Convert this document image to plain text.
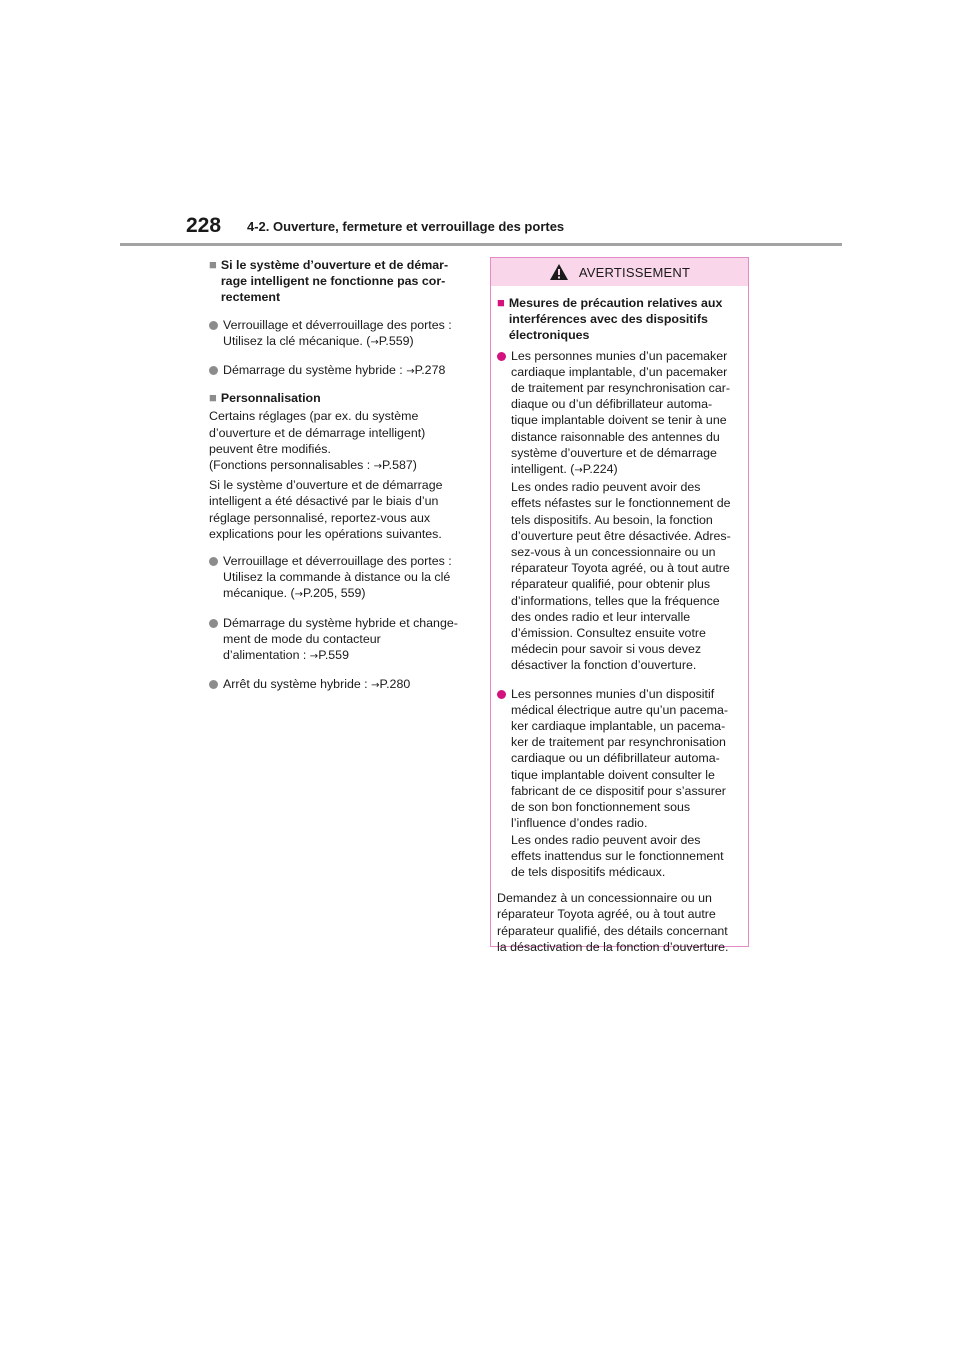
228 4-2. Ouverture, fermeture et verrouillage des portes
■ Si le système d’ouverture et de démar-
rage intelligent ne fonctionne pas cor-
rectement
Verrouillage et déverrouillage des portes :
Utilisez la clé mécanique. (→P.559)
Démarrage du système hybride : →P.278
■ Personnalisation
Certains réglages (par ex. du système
d’ouverture et de démarrage intelligent)
peuvent être modifiés.
(Fonctions personnalisables : →P.587)
Si le système d’ouverture et de démarrage
intelligent a été désactivé par le biais d’un
réglage personnalisé, reportez-vous aux
explications pour les opérations suivantes.
Verrouillage et déverrouillage des portes :
Utilisez la commande à distance ou la clé
mécanique. (→P.205, 559)
Démarrage du système hybride et change-
ment de mode du contacteur
d’alimentation : →P.559
Arrêt du système hybride : →P.280
AVERTISSEMENT
■ Mesures de précaution relatives aux
interférences avec des dispositifs
électroniques
Les personnes munies d’un pacemaker
cardiaque implantable, d’un pacemaker
de traitement par resynchronisation car-
diaque ou d’un défibrillateur automa-
tique implantable doivent se tenir à une
distance raisonnable des antennes du
système d’ouverture et de démarrage
intelligent. (→P.224)
Les ondes radio peuvent avoir des
effets néfastes sur le fonctionnement de
tels dispositifs. Au besoin, la fonction
d’ouverture peut être désactivée. Adres-
sez-vous à un concessionnaire ou un
réparateur Toyota agréé, ou à tout autre
réparateur qualifié, pour obtenir plus
d’informations, telles que la fréquence
des ondes radio et leur intervalle
d’émission. Consultez ensuite votre
médecin pour savoir si vous devez
désactiver la fonction d’ouverture.
Les personnes munies d’un dispositif
médical électrique autre qu’un pacema-
ker cardiaque implantable, un pacema-
ker de traitement par resynchronisation
cardiaque ou un défibrillateur automa-
tique implantable doivent consulter le
fabricant de ce dispositif pour s’assurer
de son bon fonctionnement sous
l’influence d’ondes radio.
Les ondes radio peuvent avoir des
effets inattendus sur le fonctionnement
de tels dispositifs médicaux.
Demandez à un concessionnaire ou un
réparateur Toyota agréé, ou à tout autre
réparateur qualifié, des détails concernant
la désactivation de la fonction d’ouverture.
